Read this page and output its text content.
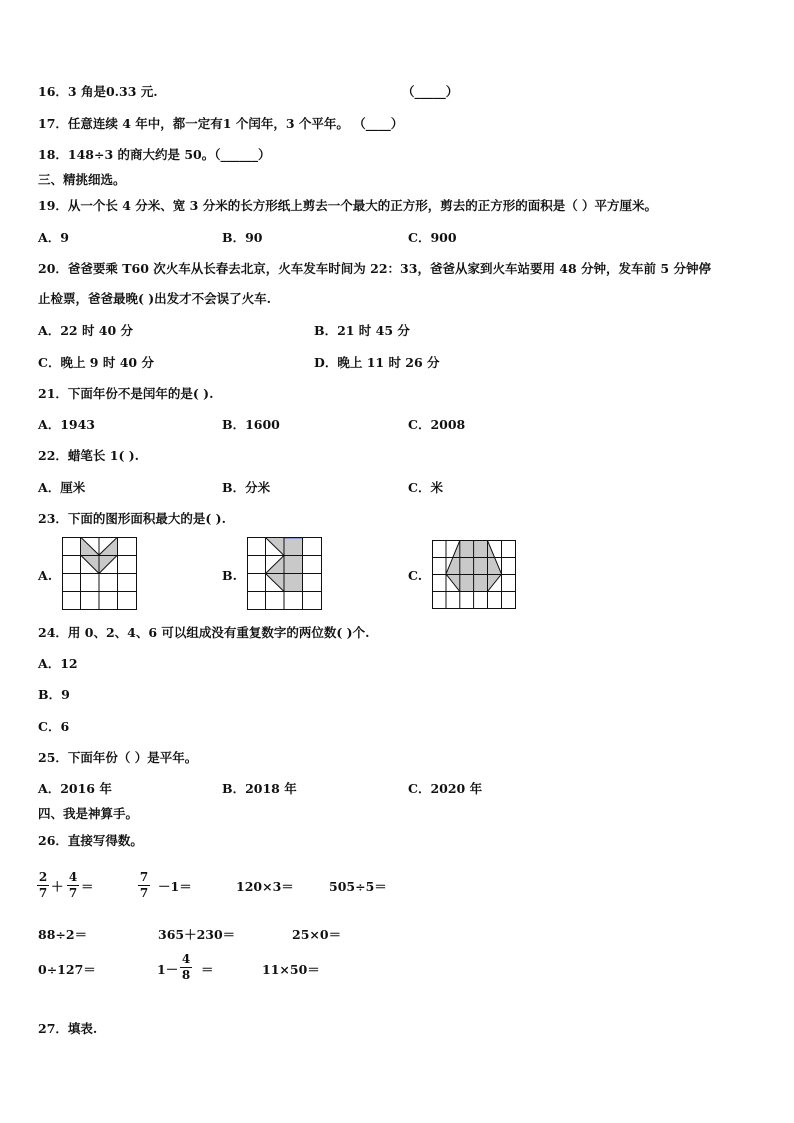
16．3 角是0.33 元.	（_____）
17．任意连续 4 年中，都一定有1 个闰年，3 个平年。 （____）
18．148÷3 的商大约是 50。（______）
三、精挑细选。
19．从一个长 4 分米、宽 3 分米的长方形纸上剪去一个最大的正方形，剪去的正方形的面积是（ ）平方厘米。
A．9	B．90	C．900
20．爸爸要乘 T60 次火车从长春去北京，火车发车时间为 22：33，爸爸从家到火车站要用 48 分钟，发车前 5 分钟停
止检票，爸爸最晚( )出发才不会误了火车.
A．22 时 40 分	B．21 时 45 分
C．晚上 9 时 40 分	D．晚上 11 时 26 分
21．下面年份不是闰年的是( ).
A．1943	B．1600	C．2008
22．蜡笔长 1( ).
A．厘米	B．分米	C．米
23．下面的图形面积最大的是( ).
A.	B.	C.
24．用 0、2、4、6 可以组成没有重复数字的两位数( )个.
A．12
B．9
C．6
25．下面年份（ ）是平年。
A．2016 年	B．2018 年	C．2020 年
四、我是神算手。
26．直接写得数。
2
7 ＋
4
7 ＝
7
7 －1＝	120×3＝	505÷5＝
88÷2＝	365＋230＝	25×0＝
0÷127＝	1－
4
8 ＝	11×50＝
27．填表.
